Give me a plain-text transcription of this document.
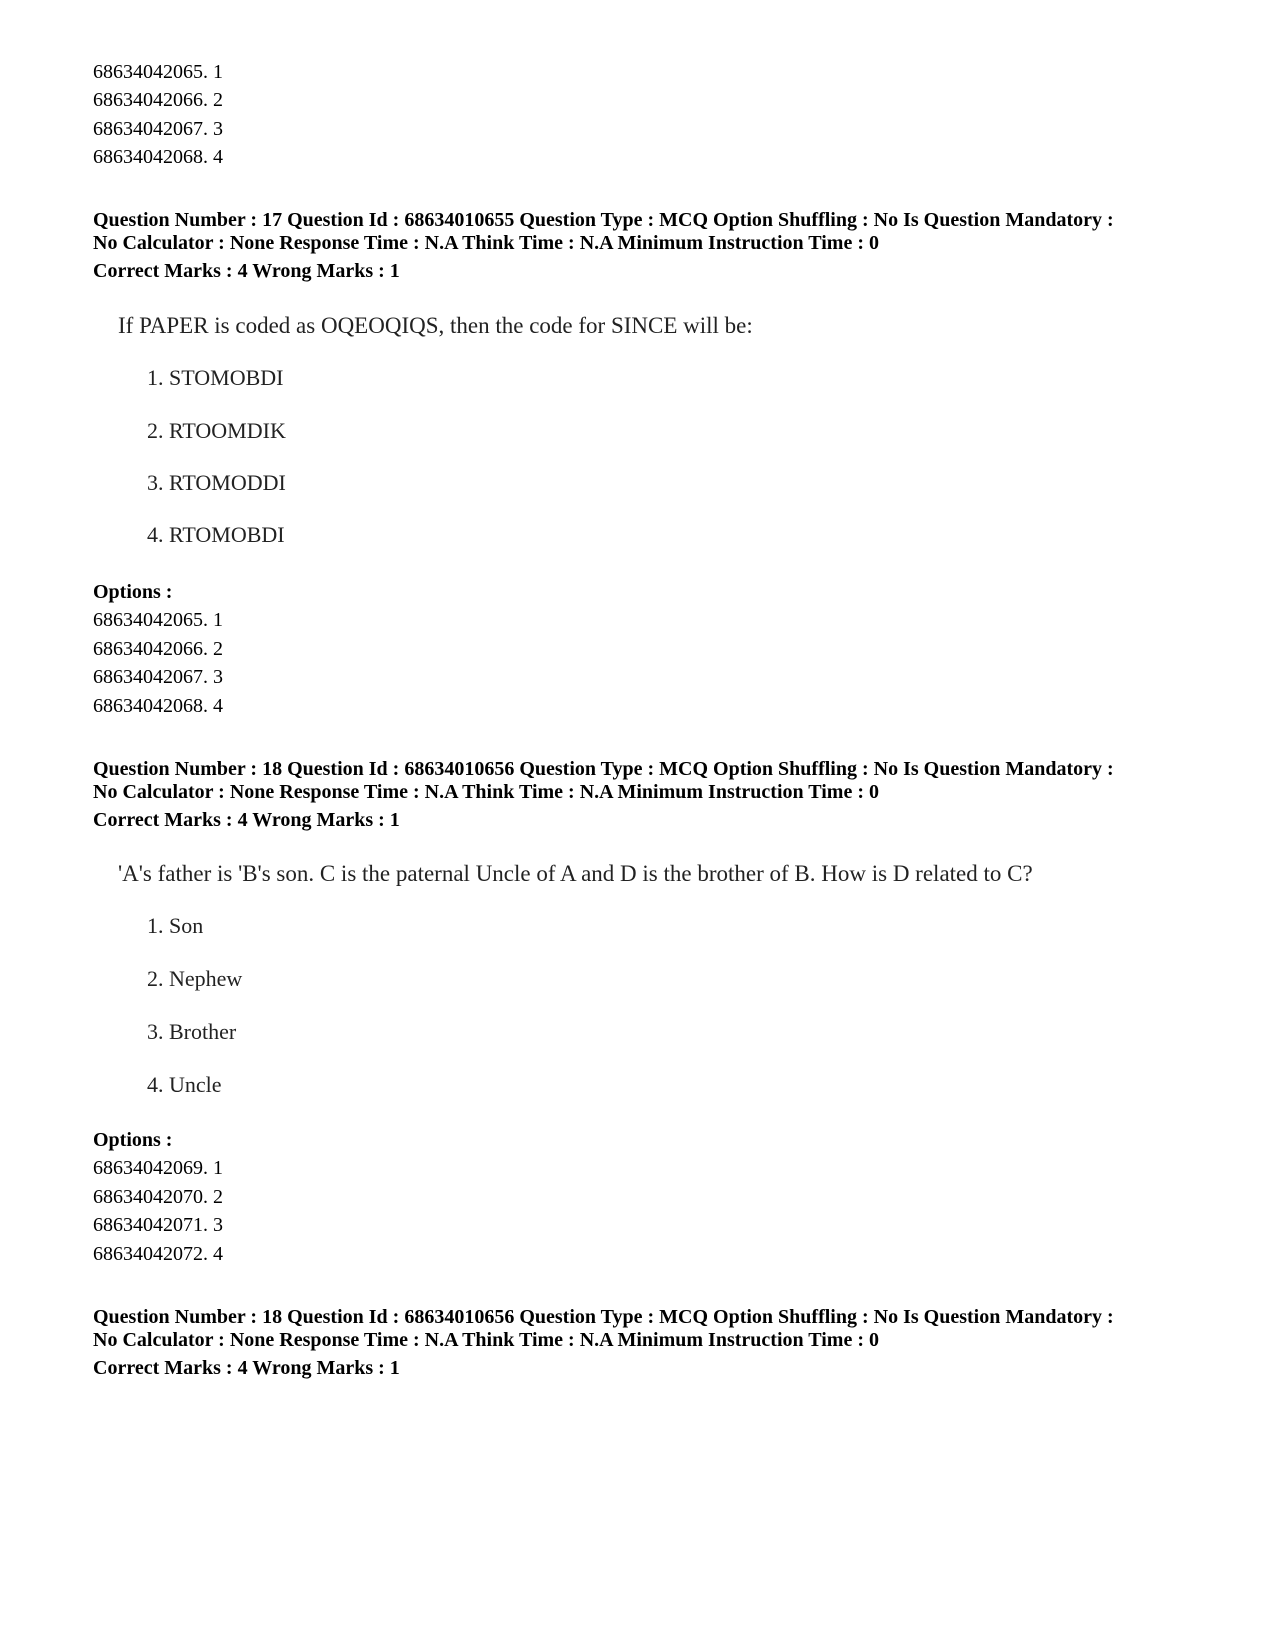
68634042065. 1
68634042066. 2
68634042067. 3
68634042068. 4
Question Number : 17 Question Id : 68634010655 Question Type : MCQ Option Shuffling : No Is Question Mandatory :
No Calculator : None Response Time : N.A Think Time : N.A Minimum Instruction Time : 0
Correct Marks : 4 Wrong Marks : 1
If PAPER is coded as OQEOQIQS, then the code for SINCE will be:
1. STOMOBDI
2. RTOOMDIK
3. RTOMODDI
4. RTOMOBDI
Options :
68634042065. 1
68634042066. 2
68634042067. 3
68634042068. 4
Question Number : 18 Question Id : 68634010656 Question Type : MCQ Option Shuffling : No Is Question Mandatory :
No Calculator : None Response Time : N.A Think Time : N.A Minimum Instruction Time : 0
Correct Marks : 4 Wrong Marks : 1
'A's father is 'B's son. C is the paternal Uncle of A and D is the brother of B. How is D related to C?
1. Son
2. Nephew
3. Brother
4. Uncle
Options :
68634042069. 1
68634042070. 2
68634042071. 3
68634042072. 4
Question Number : 18 Question Id : 68634010656 Question Type : MCQ Option Shuffling : No Is Question Mandatory :
No Calculator : None Response Time : N.A Think Time : N.A Minimum Instruction Time : 0
Correct Marks : 4 Wrong Marks : 1
